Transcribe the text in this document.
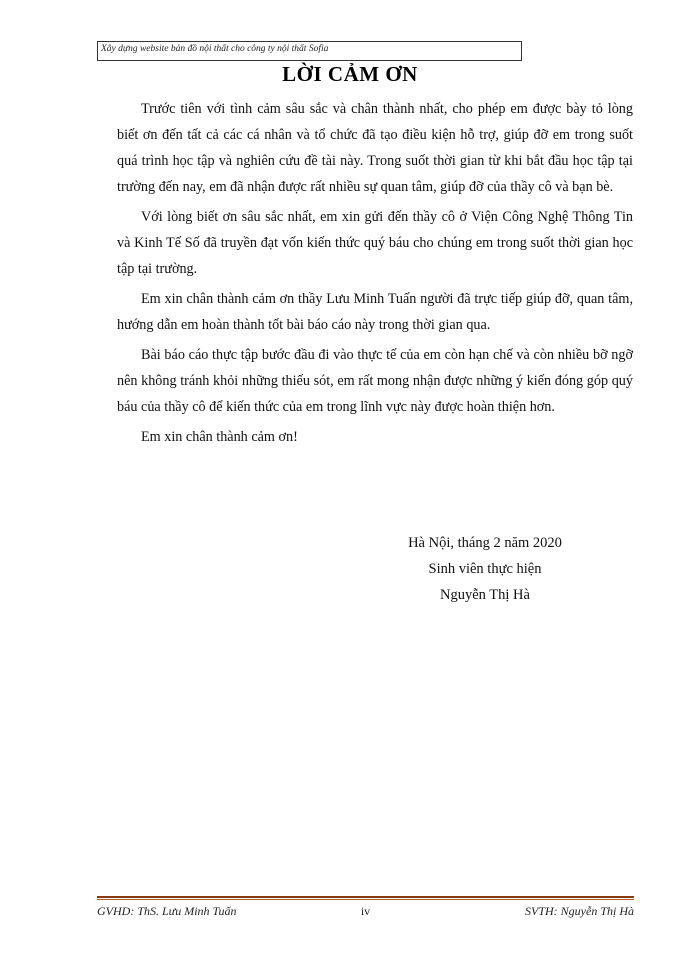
Xây dựng website bản đồ nội thất cho công ty nội thất Sofia
LỜI CẢM ƠN

Trước tiên với tình cảm sâu sắc và chân thành nhất, cho phép em được bày tỏ lòng biết ơn đến tất cả các cá nhân và tổ chức đã tạo điều kiện hỗ trợ, giúp đỡ em trong suốt quá trình học tập và nghiên cứu đề tài này. Trong suốt thời gian từ khi bắt đầu học tập tại trường đến nay, em đã nhận được rất nhiều sự quan tâm, giúp đỡ của thầy cô và bạn bè.

Với lòng biết ơn sâu sắc nhất, em xin gửi đến thầy cô ở Viện Công Nghệ Thông Tin và Kinh Tế Số đã truyền đạt vốn kiến thức quý báu cho chúng em trong suốt thời gian học tập tại trường.

Em xin chân thành cảm ơn thầy Lưu Minh Tuấn người đã trực tiếp giúp đỡ, quan tâm, hướng dẫn em hoàn thành tốt bài báo cáo này trong thời gian qua.

Bài báo cáo thực tập bước đầu đi vào thực tế của em còn hạn chế và còn nhiều bỡ ngỡ nên không tránh khỏi những thiếu sót, em rất mong nhận được những ý kiến đóng góp quý báu của thầy cô để kiến thức của em trong lĩnh vực này được hoàn thiện hơn.

Em xin chân thành cảm ơn!

Hà Nội, tháng 2 năm 2020
Sinh viên thực hiện
Nguyễn Thị Hà
GVHD: ThS. Lưu Minh Tuấn	iv	SVTH: Nguyễn Thị Hà
